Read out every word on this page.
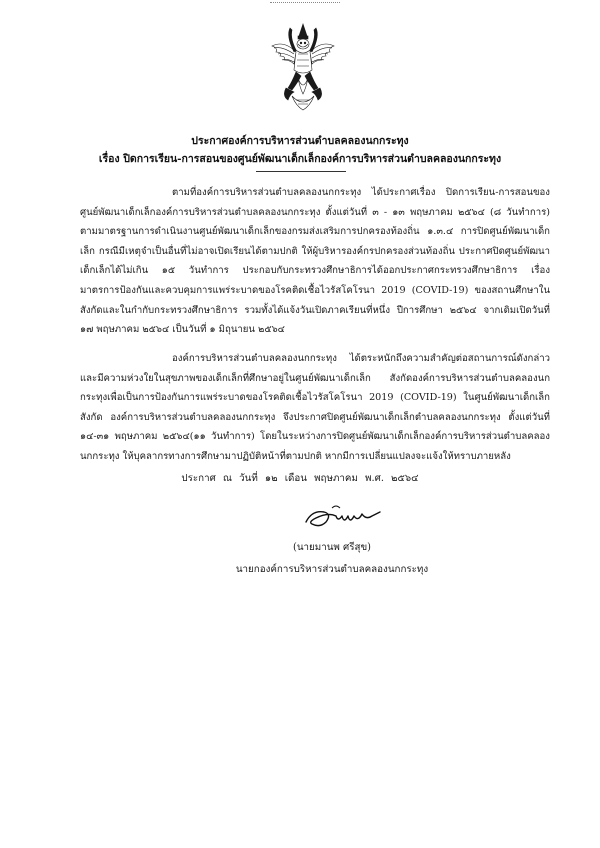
ประกาศองค์การบริหารส่วนตำบลคลองนกกระทุง
เรื่อง ปิดการเรียน-การสอนของศูนย์พัฒนาเด็กเล็กองค์การบริหารส่วนตำบลคลองนกกระทุง
ตามที่องค์การบริหารส่วนตำบลคลองนกกระทุง ได้ประกาศเรื่อง ปิดการเรียน-การสอนของศูนย์พัฒนาเด็กเล็กองค์การบริหารส่วนตำบลคลองนกกระทุง ตั้งแต่วันที่ ๓ - ๑๓ พฤษภาคม ๒๕๖๔ (๘ วันทำการ) ตามมาตรฐานการดำเนินงานศูนย์พัฒนาเด็กเล็กของกรมส่งเสริมการปกครองท้องถิ่น ๑.๓.๔ การปิดศูนย์พัฒนาเด็กเล็ก กรณีมีเหตุจำเป็นอื่นที่ไม่อาจเปิดเรียนได้ตามปกติ ให้ผู้บริหารองค์กรปกครองส่วนท้องถิ่น ประกาศปิดศูนย์พัฒนาเด็กเล็กได้ไม่เกิน ๑๕ วันทำการ ประกอบกับกระทรวงศึกษาธิการได้ออกประกาศกระทรวงศึกษาธิการ เรื่อง มาตรการป้องกันและควบคุมการแพร่ระบาดของโรคติดเชื้อไวรัสโคโรนา 2019 (COVID-19) ของสถานศึกษาในสังกัดและในกำกับกระทรวงศึกษาธิการ รวมทั้งได้แจ้งวันเปิดภาคเรียนที่หนึ่ง ปีการศึกษา ๒๕๖๔ จากเดิมเปิดวันที่ ๑๗ พฤษภาคม ๒๕๖๔ เป็นวันที่ ๑ มิถุนายน ๒๕๖๔
องค์การบริหารส่วนตำบลคลองนกกระทุง ได้ตระหนักถึงความสำคัญต่อสถานการณ์ดังกล่าว และมีความห่วงใยในสุขภาพของเด็กเล็กที่ศึกษาอยู่ในศูนย์พัฒนาเด็กเล็ก สังกัดองค์การบริหารส่วนตำบลคลองนกกระทุงเพื่อเป็นการป้องกันการแพร่ระบาดของโรคติดเชื้อไวรัสโคโรนา 2019 (COVID-19) ในศูนย์พัฒนาเด็กเล็ก สังกัด องค์การบริหารส่วนตำบลคลองนกกระทุง จึงประกาศปิดศูนย์พัฒนาเด็กเล็กตำบลคลองนกกระทุง ตั้งแต่วันที่ ๑๔-๓๑ พฤษภาคม ๒๕๖๔(๑๑ วันทำการ) โดยในระหว่างการปิดศูนย์พัฒนาเด็กเล็กองค์การบริหารส่วนตำบลคลองนกกระทุง ให้บุคลากรทางการศึกษามาปฏิบัติหน้าที่ตามปกติ หากมีการเปลี่ยนแปลงจะแจ้งให้ทราบภายหลัง
ประกาศ ณ วันที่ ๑๒ เดือน พฤษภาคม พ.ศ. ๒๕๖๔
(นายมานพ ศรีสุข)
นายกองค์การบริหารส่วนตำบลคลองนกกระทุง
